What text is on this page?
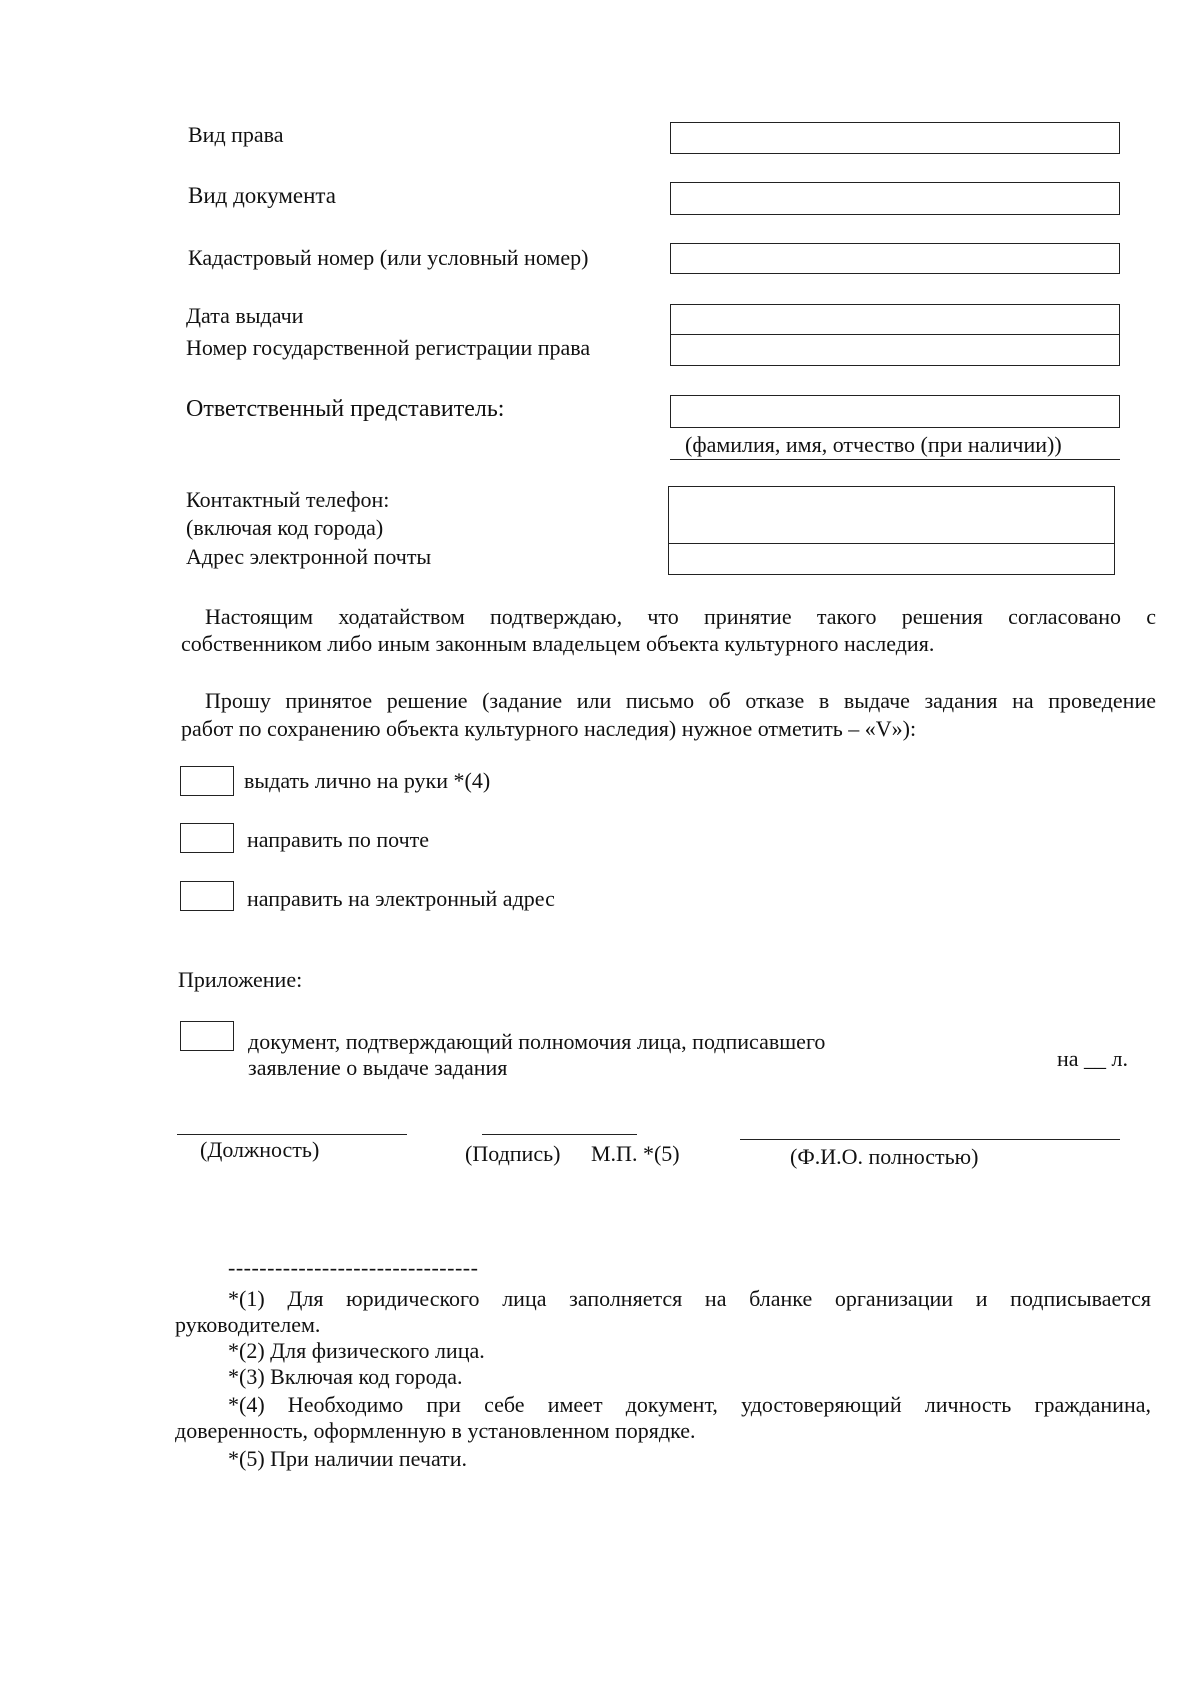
Вид права
Вид документа
Кадастровый номер (или условный номер)
Дата выдачи
Номер государственной регистрации права
Ответственный представитель:
(фамилия, имя, отчество (при наличии))
Контактный телефон:
(включая код города)
Адрес электронной почты
Настоящим ходатайством подтверждаю, что принятие такого решения согласовано с
собственником либо иным законным владельцем объекта культурного наследия.
Прошу принятое решение (задание или письмо об отказе в выдаче задания на проведение
работ по сохранению объекта культурного наследия) нужное отметить – «V»):
выдать лично на руки *(4)
направить по почте
направить на электронный адрес
Приложение:
документ, подтверждающий полномочия лица, подписавшего
заявление о выдаче задания	на __ л.
(Должность)	(Подпись) М.П. *(5)	(Ф.И.О. полностью)
--------------------------------
*(1) Для юридического лица заполняется на бланке организации и подписывается
руководителем.
*(2) Для физического лица.
*(3) Включая код города.
*(4) Необходимо при себе имеет документ, удостоверяющий личность гражданина,
доверенность, оформленную в установленном порядке.
*(5) При наличии печати.
